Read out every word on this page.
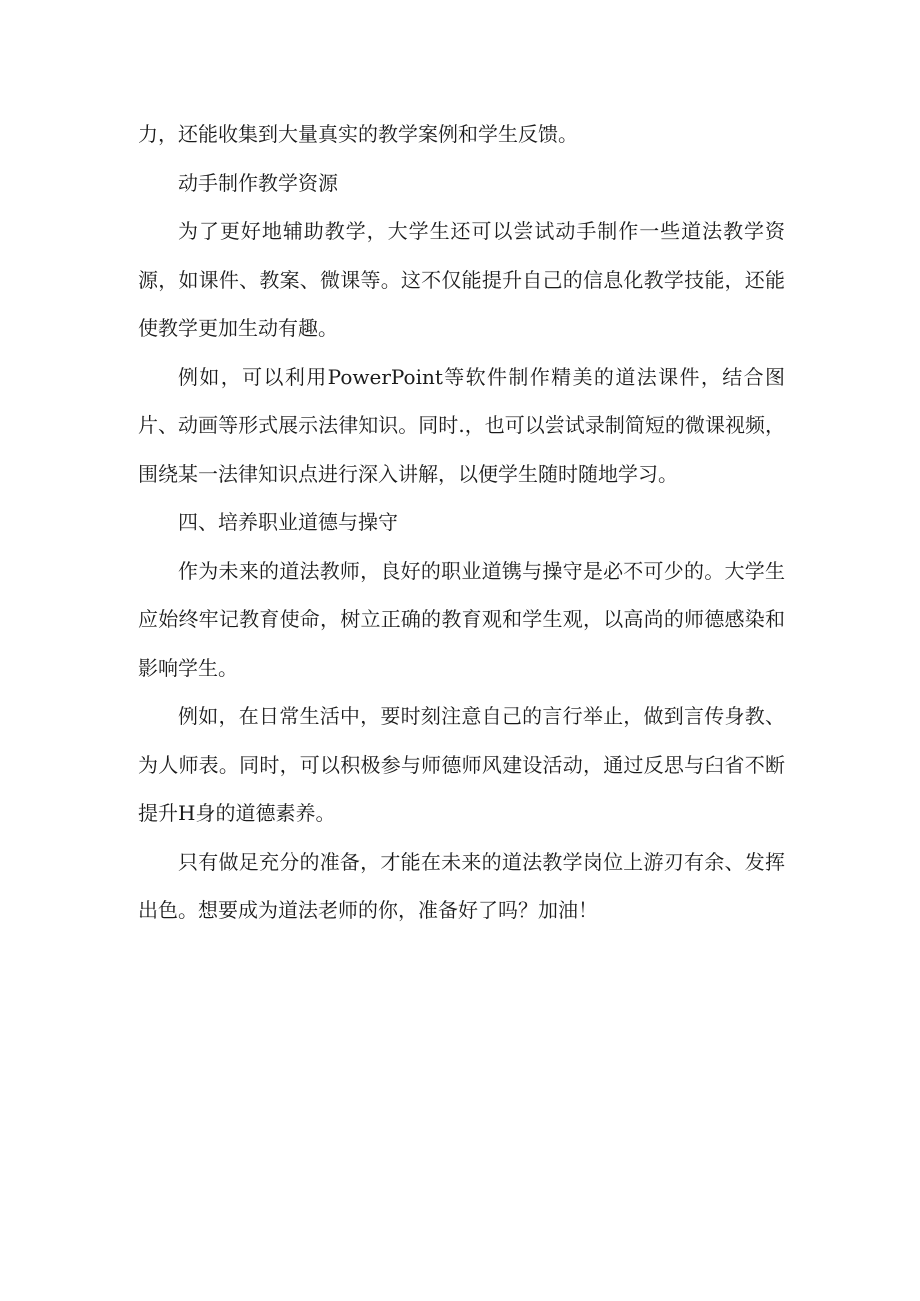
力，还能收集到大量真实的教学案例和学生反馈。

动手制作教学资源

为了更好地辅助教学，大学生还可以尝试动手制作一些道法教学资源，如课件、教案、微课等。这不仅能提升自己的信息化教学技能，还能使教学更加生动有趣。

例如，可以利用PowerPoint等软件制作精美的道法课件，结合图片、动画等形式展示法律知识。同时.，也可以尝试录制简短的微课视频，围绕某一法律知识点进行深入讲解，以便学生随时随地学习。

四、培养职业道德与操守

作为未来的道法教师，良好的职业道镌与操守是必不可少的。大学生应始终牢记教育使命，树立正确的教育观和学生观，以高尚的师德感染和影响学生。

例如，在日常生活中，要时刻注意自己的言行举止，做到言传身教、为人师表。同时，可以积极参与师德师风建设活动，通过反思与臼省不断提升H身的道德素养。

只有做足充分的准备，才能在未来的道法教学岗位上游刃有余、发挥出色。想要成为道法老师的你，准备好了吗？加油！
